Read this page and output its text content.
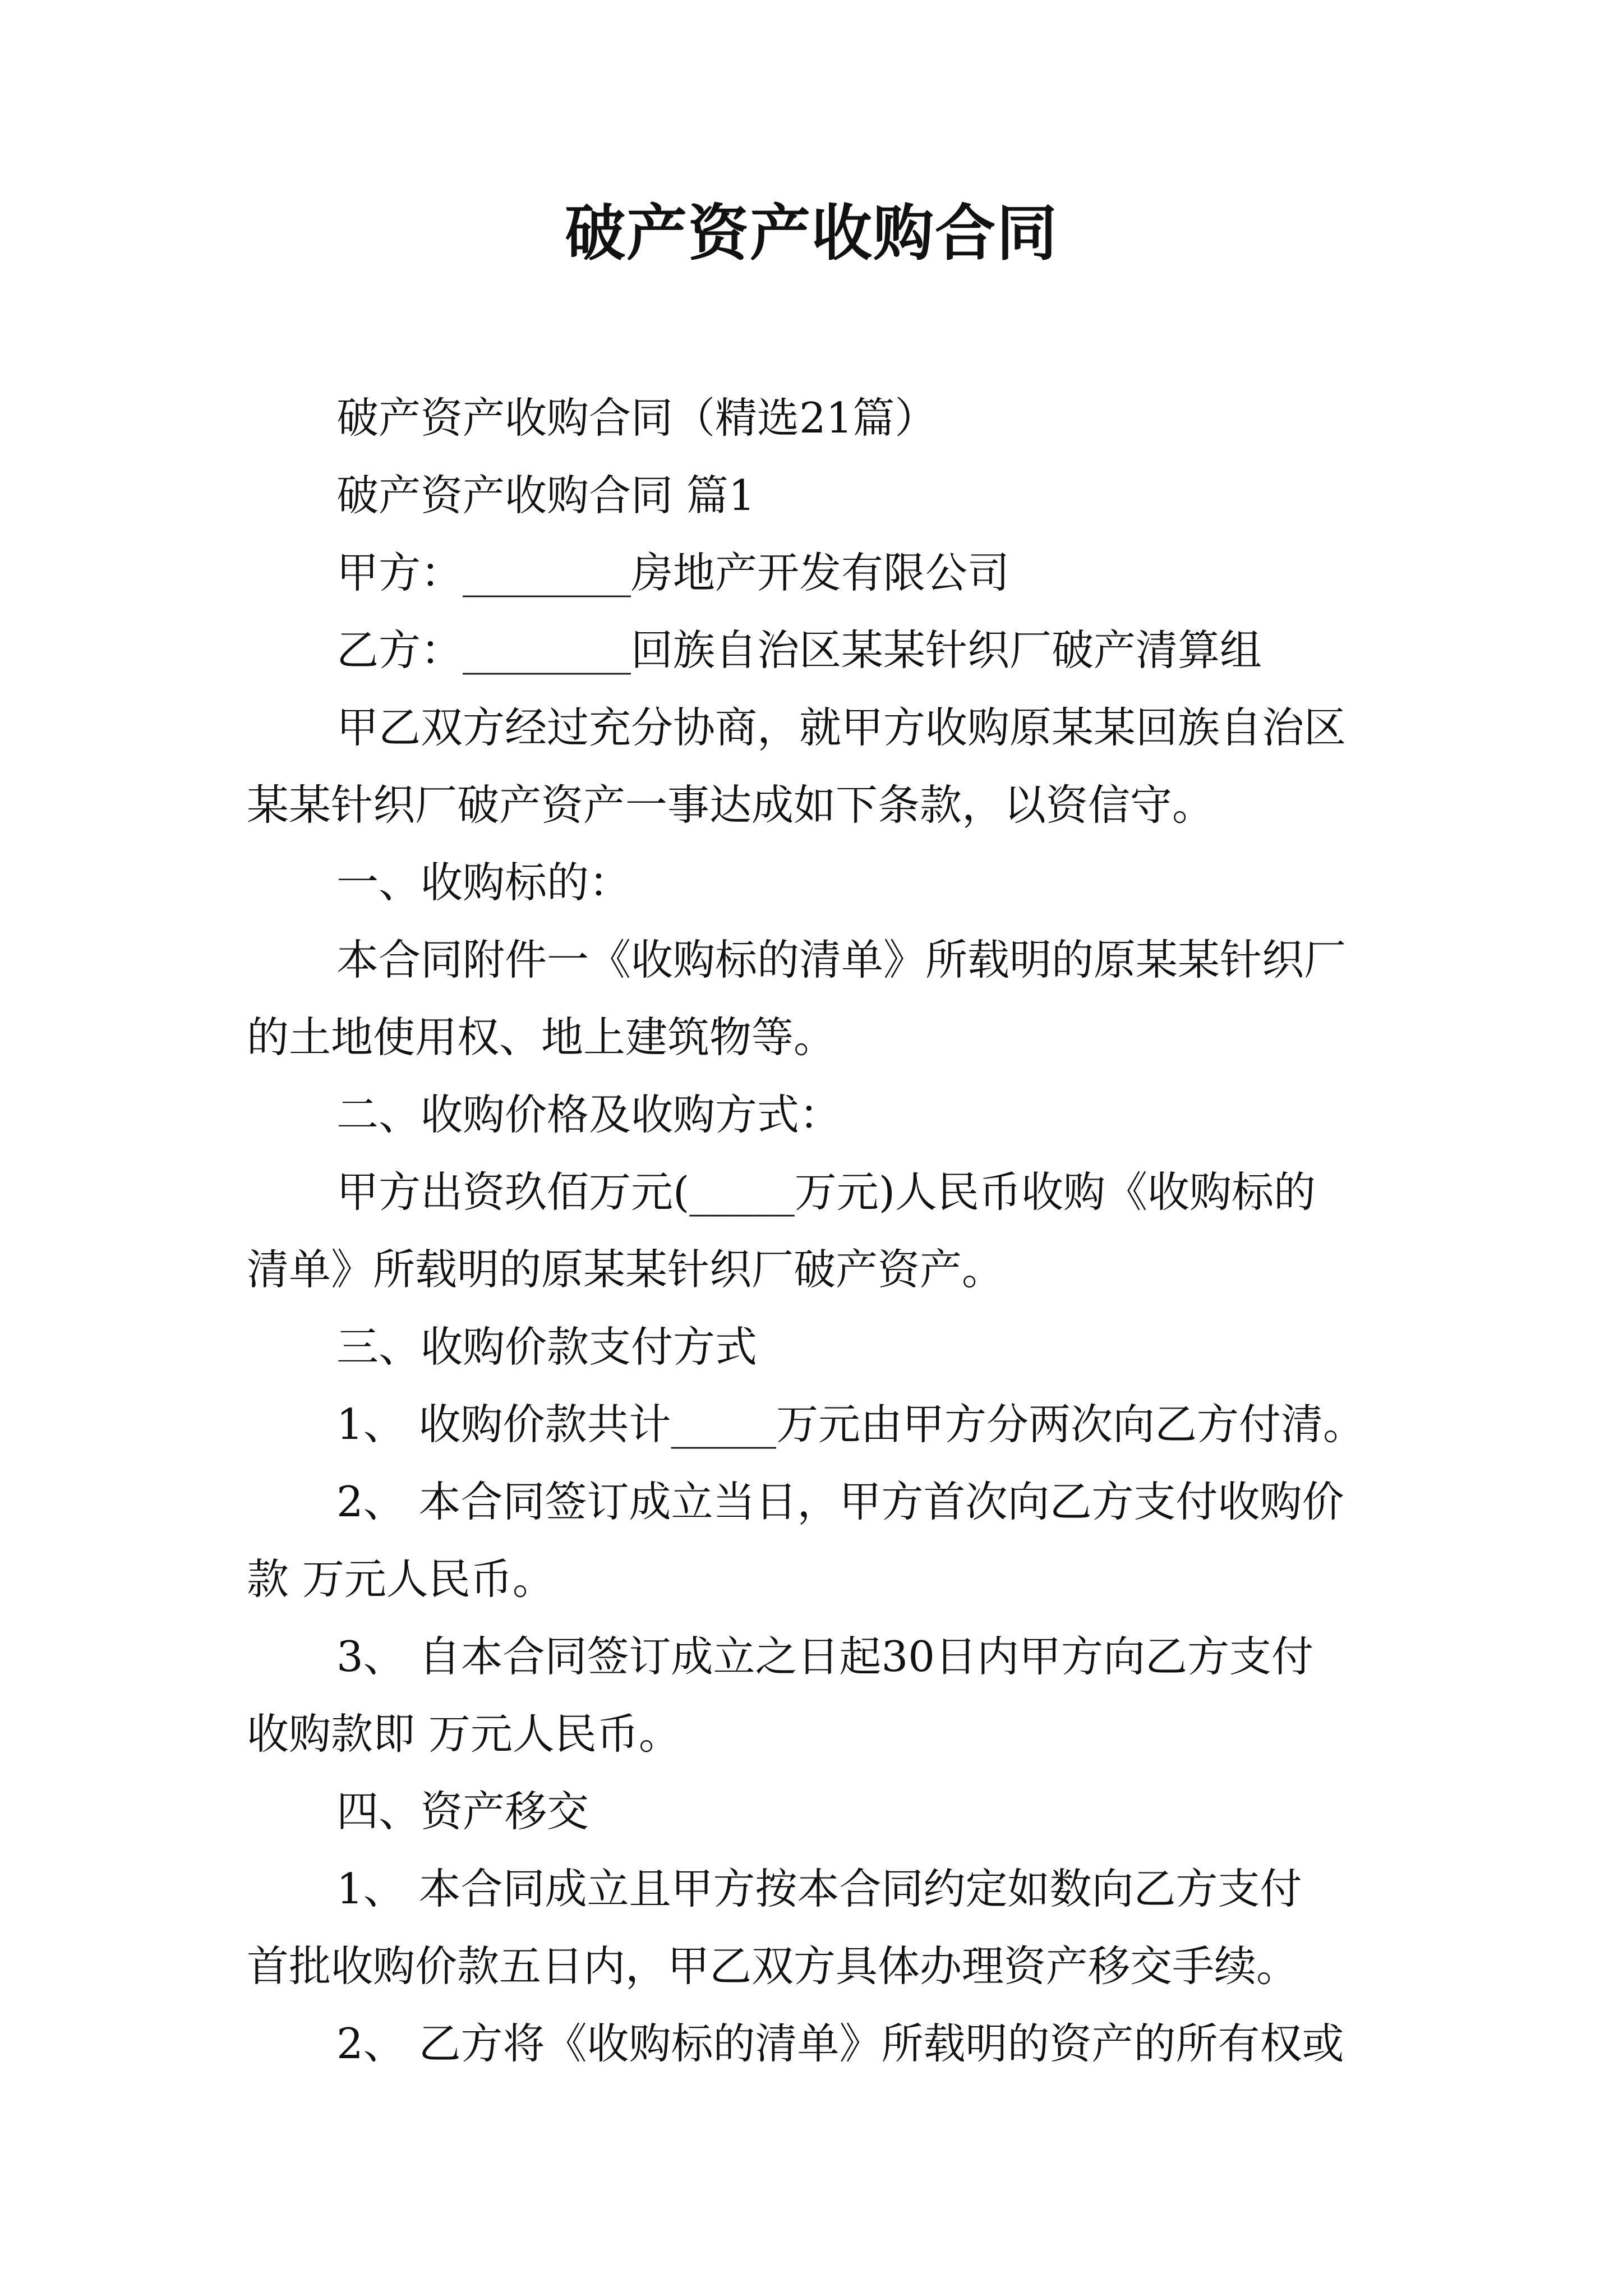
破产资产收购合同
破产资产收购合同（精选21篇）
破产资产收购合同 篇1
甲方：________房地产开发有限公司
乙方：________回族自治区某某针织厂破产清算组
甲乙双方经过充分协商，就甲方收购原某某回族自治区
某某针织厂破产资产一事达成如下条款，以资信守。
一、收购标的：
本合同附件一《收购标的清单》所载明的原某某针织厂
的土地使用权、地上建筑物等。
二、收购价格及收购方式：
甲方出资玖佰万元(_____万元)人民币收购《收购标的
清单》所载明的原某某针织厂破产资产。
三、收购价款支付方式
1、 收购价款共计_____万元由甲方分两次向乙方付清。
2、 本合同签订成立当日，甲方首次向乙方支付收购价
款 万元人民币。
3、 自本合同签订成立之日起30日内甲方向乙方支付
收购款即 万元人民币。
四、资产移交
1、 本合同成立且甲方按本合同约定如数向乙方支付
首批收购价款五日内，甲乙双方具体办理资产移交手续。
2、 乙方将《收购标的清单》所载明的资产的所有权或
